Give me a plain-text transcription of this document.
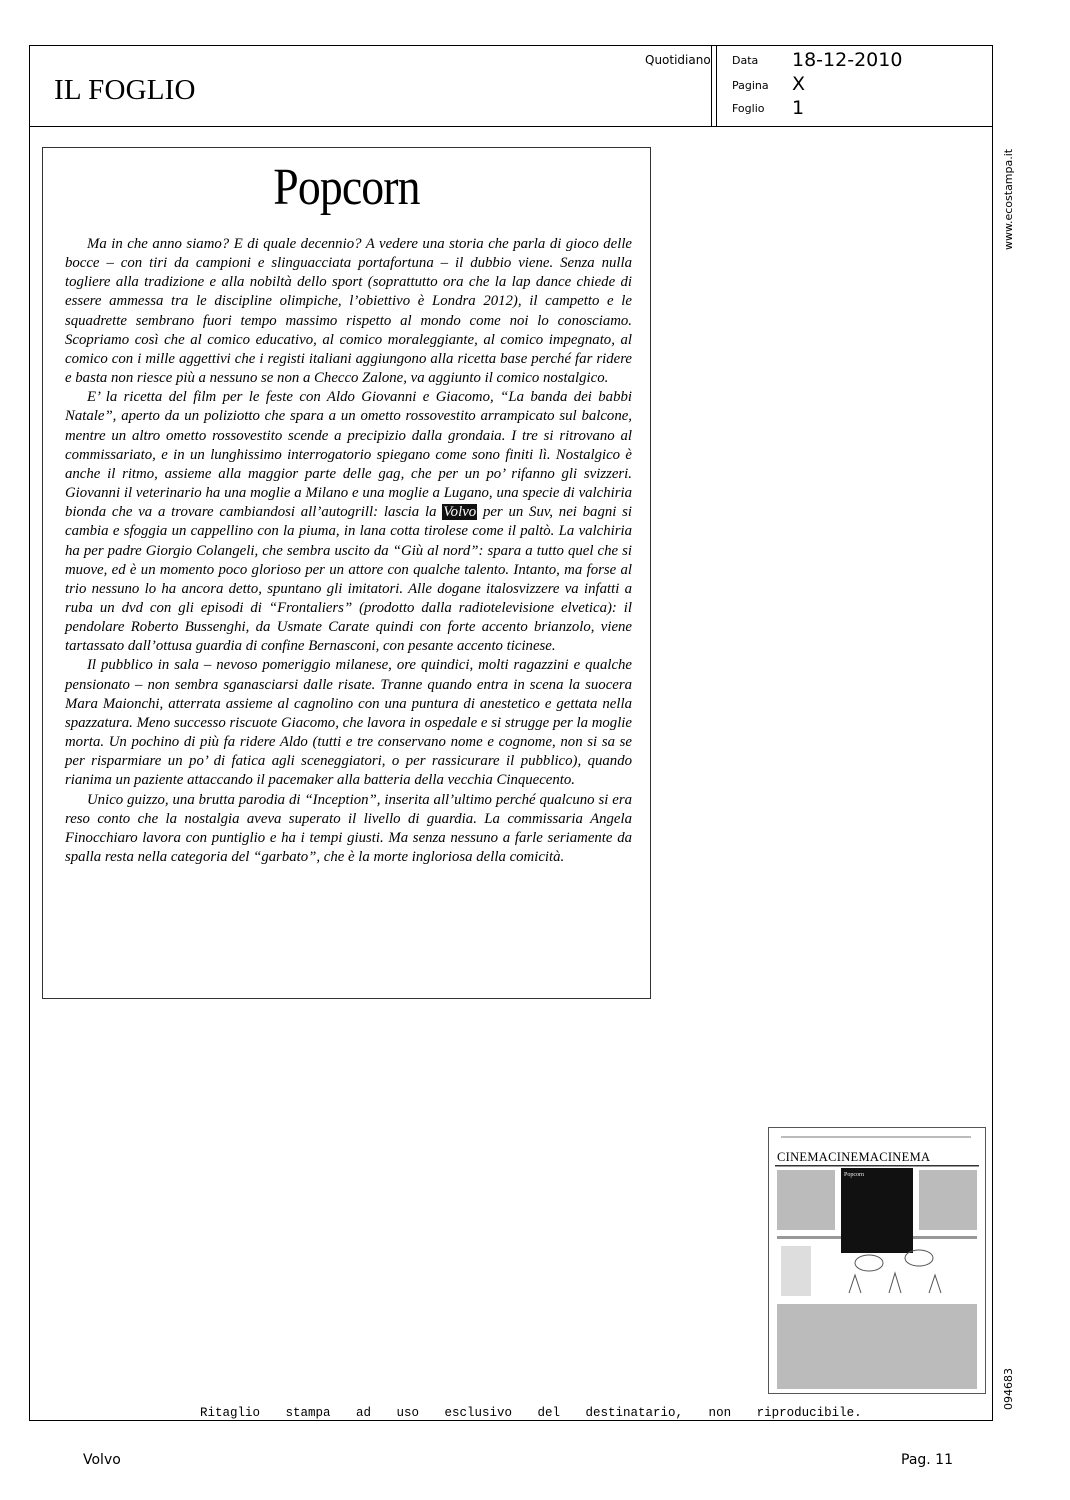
IL FOGLIO
Quotidiano Data 18-12-2010
Pagina X
Foglio 1
Popcorn

Ma in che anno siamo? E di quale decennio? A vedere una storia che parla di gioco delle bocce – con tiri da campioni e slinguacciata portafortuna – il dubbio viene. Senza nulla togliere alla tradizione e alla nobiltà dello sport (soprattutto ora che la lap dance chiede di essere ammessa tra le discipline olimpiche, l’obiettivo è Londra 2012), il campetto e le squadrette sembrano fuori tempo massimo rispetto al mondo come noi lo conosciamo. Scopriamo così che al comico educativo, al comico moraleggiante, al comico impegnato, al comico con i mille aggettivi che i registi italiani aggiungono alla ricetta base perché far ridere e basta non riesce più a nessuno se non a Checco Zalone, va aggiunto il comico nostalgico.

E’ la ricetta del film per le feste con Aldo Giovanni e Giacomo, “La banda dei babbi Natale”, aperto da un poliziotto che spara a un ometto rossovestito arrampicato sul balcone, mentre un altro ometto rossovestito scende a precipizio dalla grondaia. I tre si ritrovano al commissariato, e in un lunghissimo interrogatorio spiegano come sono finiti lì. Nostalgico è anche il ritmo, assieme alla maggior parte delle gag, che per un po’ rifanno gli svizzeri. Giovanni il veterinario ha una moglie a Milano e una moglie a Lugano, una specie di valchiria bionda che va a trovare cambiandosi all’autogrill: lascia la Volvo per un Suv, nei bagni si cambia e sfoggia un cappellino con la piuma, in lana cotta tirolese come il paltò. La valchiria ha per padre Giorgio Colangeli, che sembra uscito da “Giù al nord”: spara a tutto quel che si muove, ed è un momento poco glorioso per un attore con qualche talento. Intanto, ma forse al trio nessuno lo ha ancora detto, spuntano gli imitatori. Alle dogane italosvizzere va infatti a ruba un dvd con gli episodi di “Frontaliers” (prodotto dalla radiotelevisione elvetica): il pendolare Roberto Bussenghi, da Usmate Carate quindi con forte accento brianzolo, viene tartassato dall’ottusa guardia di confine Bernasconi, con pesante accento ticinese.

Il pubblico in sala – nevoso pomeriggio milanese, ore quindici, molti ragazzini e qualche pensionato – non sembra sganasciarsi dalle risate. Tranne quando entra in scena la suocera Mara Maionchi, atterrata assieme al cagnolino con una puntura di anestetico e gettata nella spazzatura. Meno successo riscuote Giacomo, che lavora in ospedale e si strugge per la moglie morta. Un pochino di più fa ridere Aldo (tutti e tre conservano nome e cognome, non si sa se per risparmiare un po’ di fatica agli sceneggiatori, o per rassicurare il pubblico), quando rianima un paziente attaccando il pacemaker alla batteria della vecchia Cinquecento.

Unico guizzo, una brutta parodia di “Inception”, inserita all’ultimo perché qualcuno si era reso conto che la nostalgia aveva superato il livello di guardia. La commissaria Angela Finocchiaro lavora con puntiglio e ha i tempi giusti. Ma senza nessuno a farle seriamente da spalla resta nella categoria del “garbato”, che è la morte ingloriosa della comicità.

www.ecostampa.it
094683
CINEMACINEMACINEMA
Popcorn
Ritaglio stampa ad uso esclusivo del destinatario, non riproducibile.
Volvo	Pag. 11
